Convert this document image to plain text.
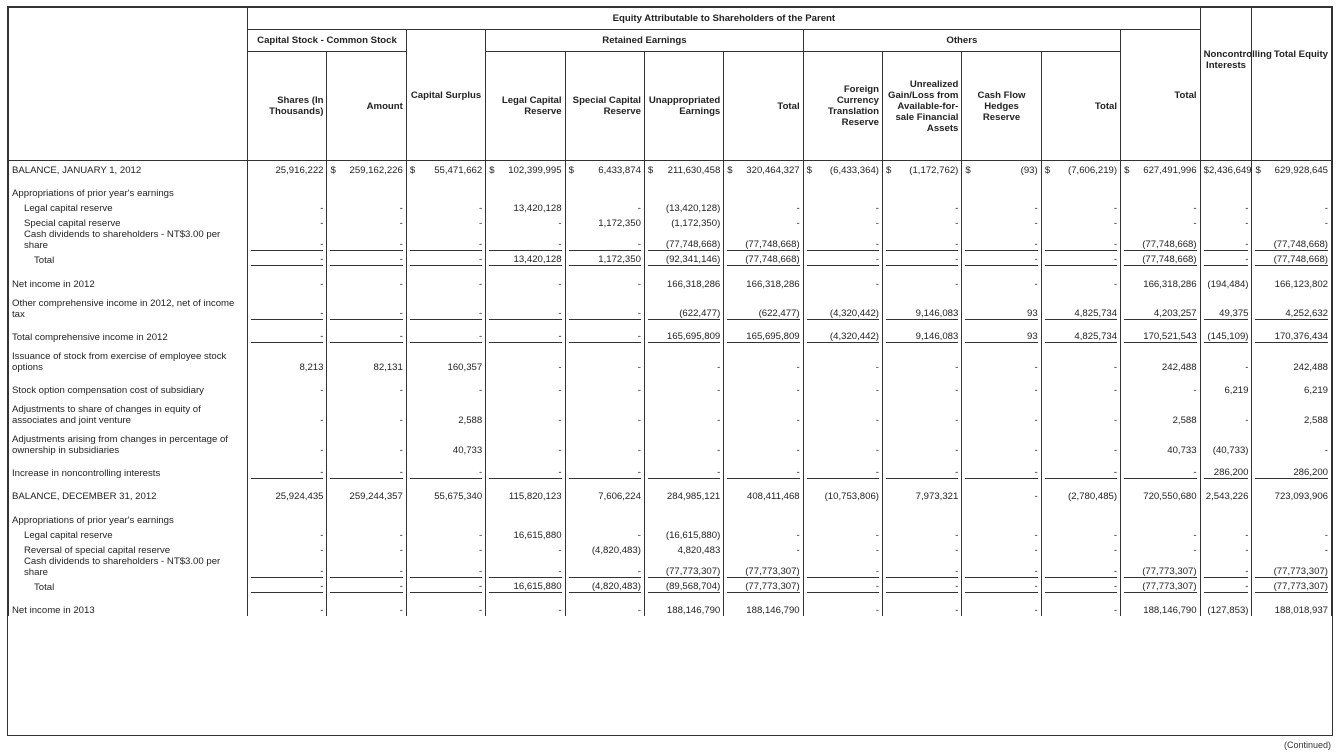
	Equity Attributable to Shareholders of the Parent												Noncontrolling Interests	Total Equity
	Capital Stock - Common Stock		Capital Surplus	Retained Earnings				Others				Total		
	Shares (In Thousands)	Amount		Legal Capital Reserve	Special Capital Reserve	Unappropriated Earnings	Total	Foreign Currency Translation Reserve	Unrealized Gain/Loss from Available-for-sale Financial Assets	Cash Flow Hedges Reserve	Total			
BALANCE, JANUARY 1, 2012	25,916,222	$ 259,162,226	$ 55,471,662	$ 102,399,995	$ 6,433,874	$ 211,630,458	$ 320,464,327	$ (6,433,364)	$ (1,172,762)	$ (93)	$ (7,606,219)	$ 627,491,996	$ 2,436,649	$ 629,928,645

Appropriations of prior year's earnings	

Legal capital reserve	-	-	-	13,420,128	-	(13,420,128)	-	-	-	-	-	-	-	-

Special capital reserve	-	-	-	-	1,172,350	(1,172,350)	-	-	-	-	-	-	-	-

Cash dividends to shareholders - NT$3.00 per share	-	-	-	-	-	(77,748,668)	(77,748,668)	-	-	-	-	(77,748,668)	-	(77,748,668)

Total	-	-	-	13,420,128	1,172,350	(92,341,146)	(77,748,668)	-	-	-	-	(77,748,668)	-	(77,748,668)

Net income in 2012	-	-	-	-	-	166,318,286	166,318,286	-	-	-	-	166,318,286	(194,484)	166,123,802

Other comprehensive income in 2012, net of income tax	-	-	-	-	-	(622,477)	(622,477)	(4,320,442)	9,146,083	93	4,825,734	4,203,257	49,375	4,252,632

Total comprehensive income in 2012	-	-	-	-	-	165,695,809	165,695,809	(4,320,442)	9,146,083	93	4,825,734	170,521,543	(145,109)	170,376,434

Issuance of stock from exercise of employee stock options	8,213	82,131	160,357	-	-	-	-	-	-	-	-	242,488	-	242,488

Stock option compensation cost of subsidiary	-	-	-	-	-	-	-	-	-	-	-	-	6,219	6,219

Adjustments to share of changes in equity of associates and joint venture	-	-	2,588	-	-	-	-	-	-	-	-	2,588	-	2,588

Adjustments arising from changes in percentage of ownership in subsidiaries	-	-	40,733	-	-	-	-	-	-	-	-	40,733	(40,733)	-

Increase in noncontrolling interests	-	-	-	-	-	-	-	-	-	-	-	-	286,200	286,200

BALANCE, DECEMBER 31, 2012	25,924,435	259,244,357	55,675,340	115,820,123	7,606,224	284,985,121	408,411,468	(10,753,806)	7,973,321	-	(2,780,485)	720,550,680	2,543,226	723,093,906

Appropriations of prior year's earnings	

Legal capital reserve	-	-	-	16,615,880	-	(16,615,880)	-	-	-	-	-	-	-	-

Reversal of special capital reserve	-	-	-	-	(4,820,483)	4,820,483	-	-	-	-	-	-	-	-

Cash dividends to shareholders - NT$3.00 per share	-	-	-	-	-	(77,773,307)	(77,773,307)	-	-	-	-	(77,773,307)	-	(77,773,307)

Total	-	-	-	16,615,880	(4,820,483)	(89,568,704)	(77,773,307)	-	-	-	-	(77,773,307)	-	(77,773,307)

Net income in 2013	-	-	-	-	-	188,146,790	188,146,790	-	-	-	-	188,146,790	(127,853)	188,018,937
(Continued)
